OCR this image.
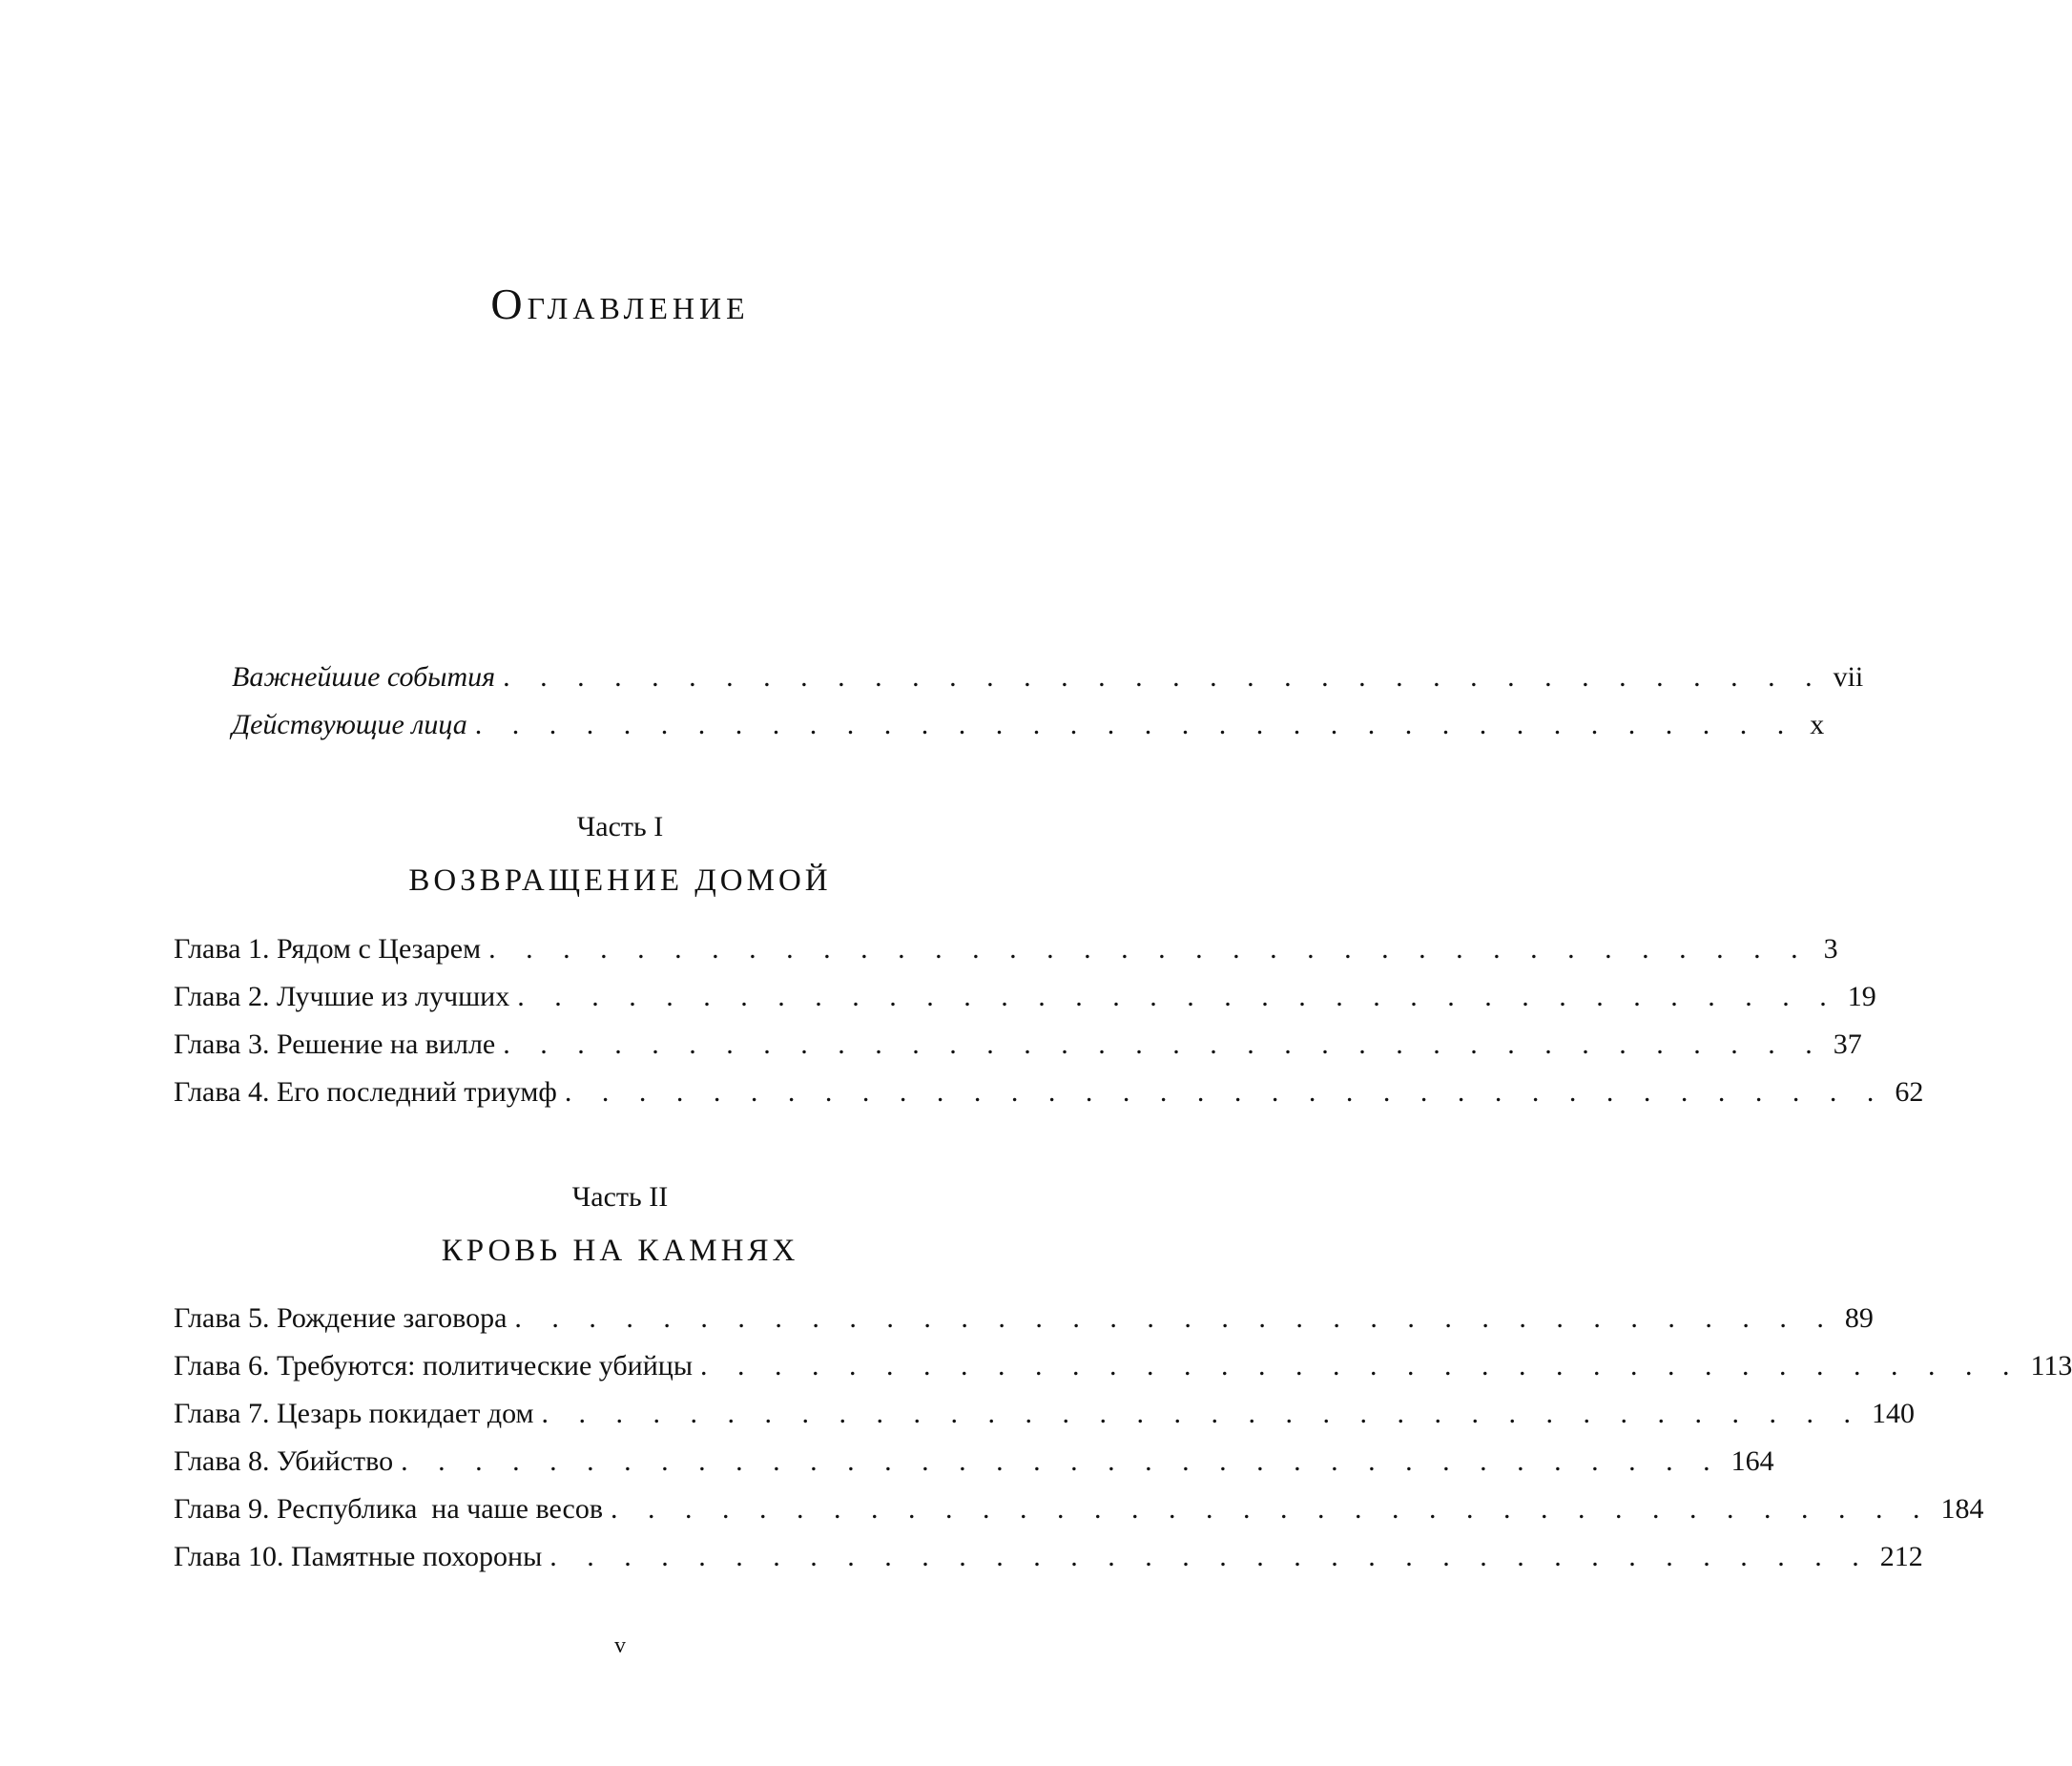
Оглавление
Важнейшие события . . . . . . . . . . . . . . . . . . . . . . . . . . . . . . . . . . . . vii
Действующие лица . . . . . . . . . . . . . . . . . . . . . . . . . . . . . . . . . . . . x
Часть I
ВОЗВРАЩЕНИЕ ДОМОЙ
Глава 1. Рядом с Цезарем . . . . . . . . . . . . . . . . . . . . . . . . . . . . . . . . . . . . 3
Глава 2. Лучшие из лучших . . . . . . . . . . . . . . . . . . . . . . . . . . . . . . . . . . . . 19
Глава 3. Решение на вилле . . . . . . . . . . . . . . . . . . . . . . . . . . . . . . . . . . . . 37
Глава 4. Его последний триумф . . . . . . . . . . . . . . . . . . . . . . . . . . . . . . . . . . . . 62
Часть II
КРОВЬ НА КАМНЯХ
Глава 5. Рождение заговора . . . . . . . . . . . . . . . . . . . . . . . . . . . . . . . . . . . . 89
Глава 6. Требуются: политические убийцы . . . . . . . . . . . . . . . . . . . . . . . . . . . . . . . . . . . . 113
Глава 7. Цезарь покидает дом . . . . . . . . . . . . . . . . . . . . . . . . . . . . . . . . . . . . 140
Глава 8. Убийство . . . . . . . . . . . . . . . . . . . . . . . . . . . . . . . . . . . . 164
Глава 9. Республика  на чаше весов . . . . . . . . . . . . . . . . . . . . . . . . . . . . . . . . . . . . 184
Глава 10. Памятные похороны . . . . . . . . . . . . . . . . . . . . . . . . . . . . . . . . . . . . 212
v
